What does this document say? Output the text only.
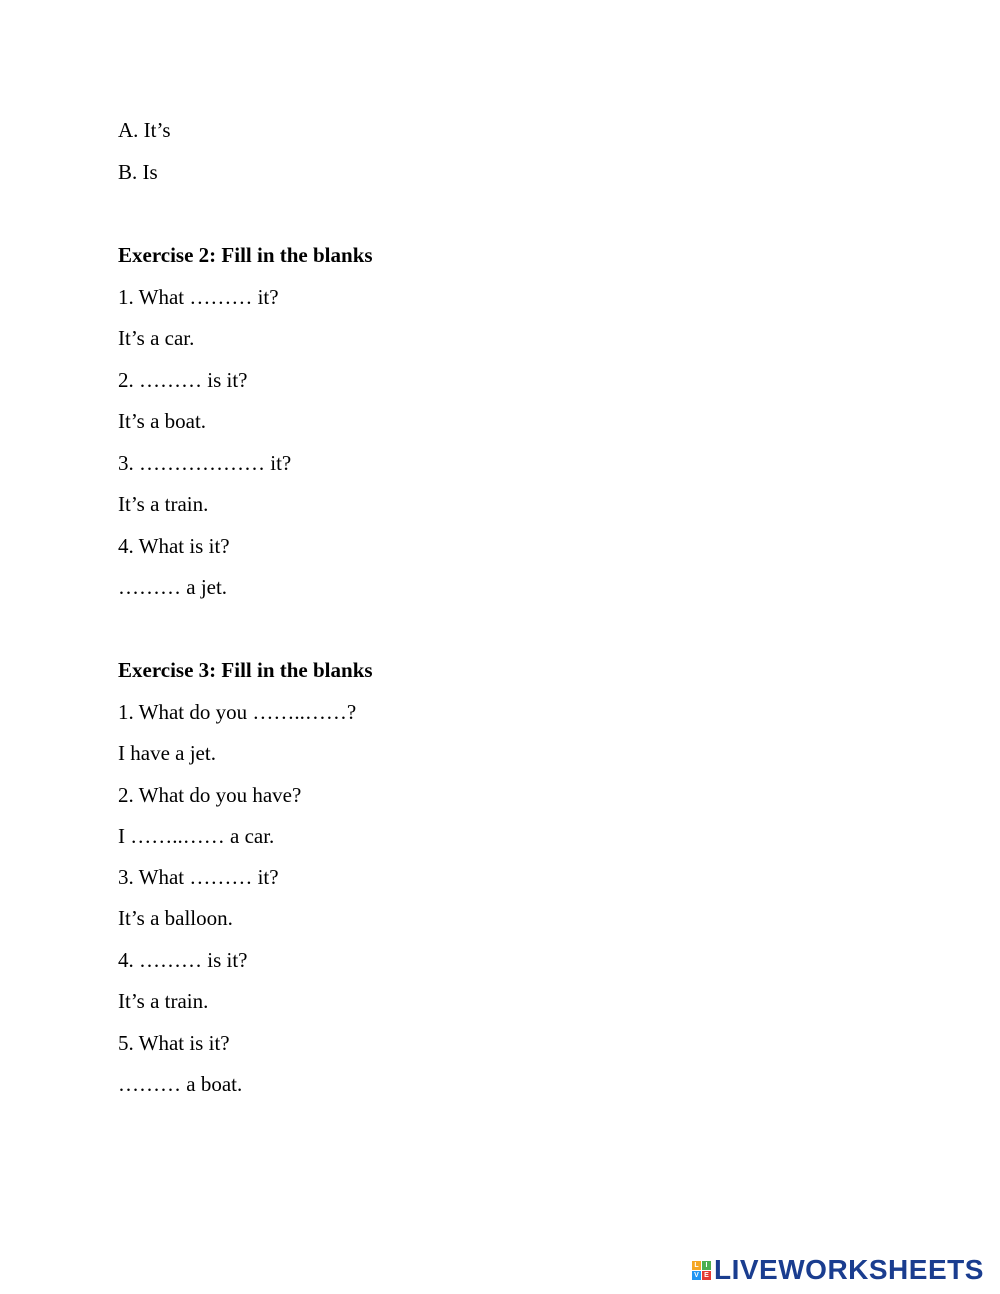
A. It’s
B. Is
Exercise 2: Fill in the blanks
1. What ……… it?
It’s a car.
2. ……… is it?
It’s a boat.
3. ……………… it?
It’s a train.
4. What is it?
……… a jet.
Exercise 3: Fill in the blanks
1. What do you ……..……?
I have a jet.
2. What do you have?
I ……..…… a car.
3. What ……… it?
It’s a balloon.
4. ……… is it?
It’s a train.
5. What is it?
……… a boat.
L I
V E LIVEWORKSHEETS
